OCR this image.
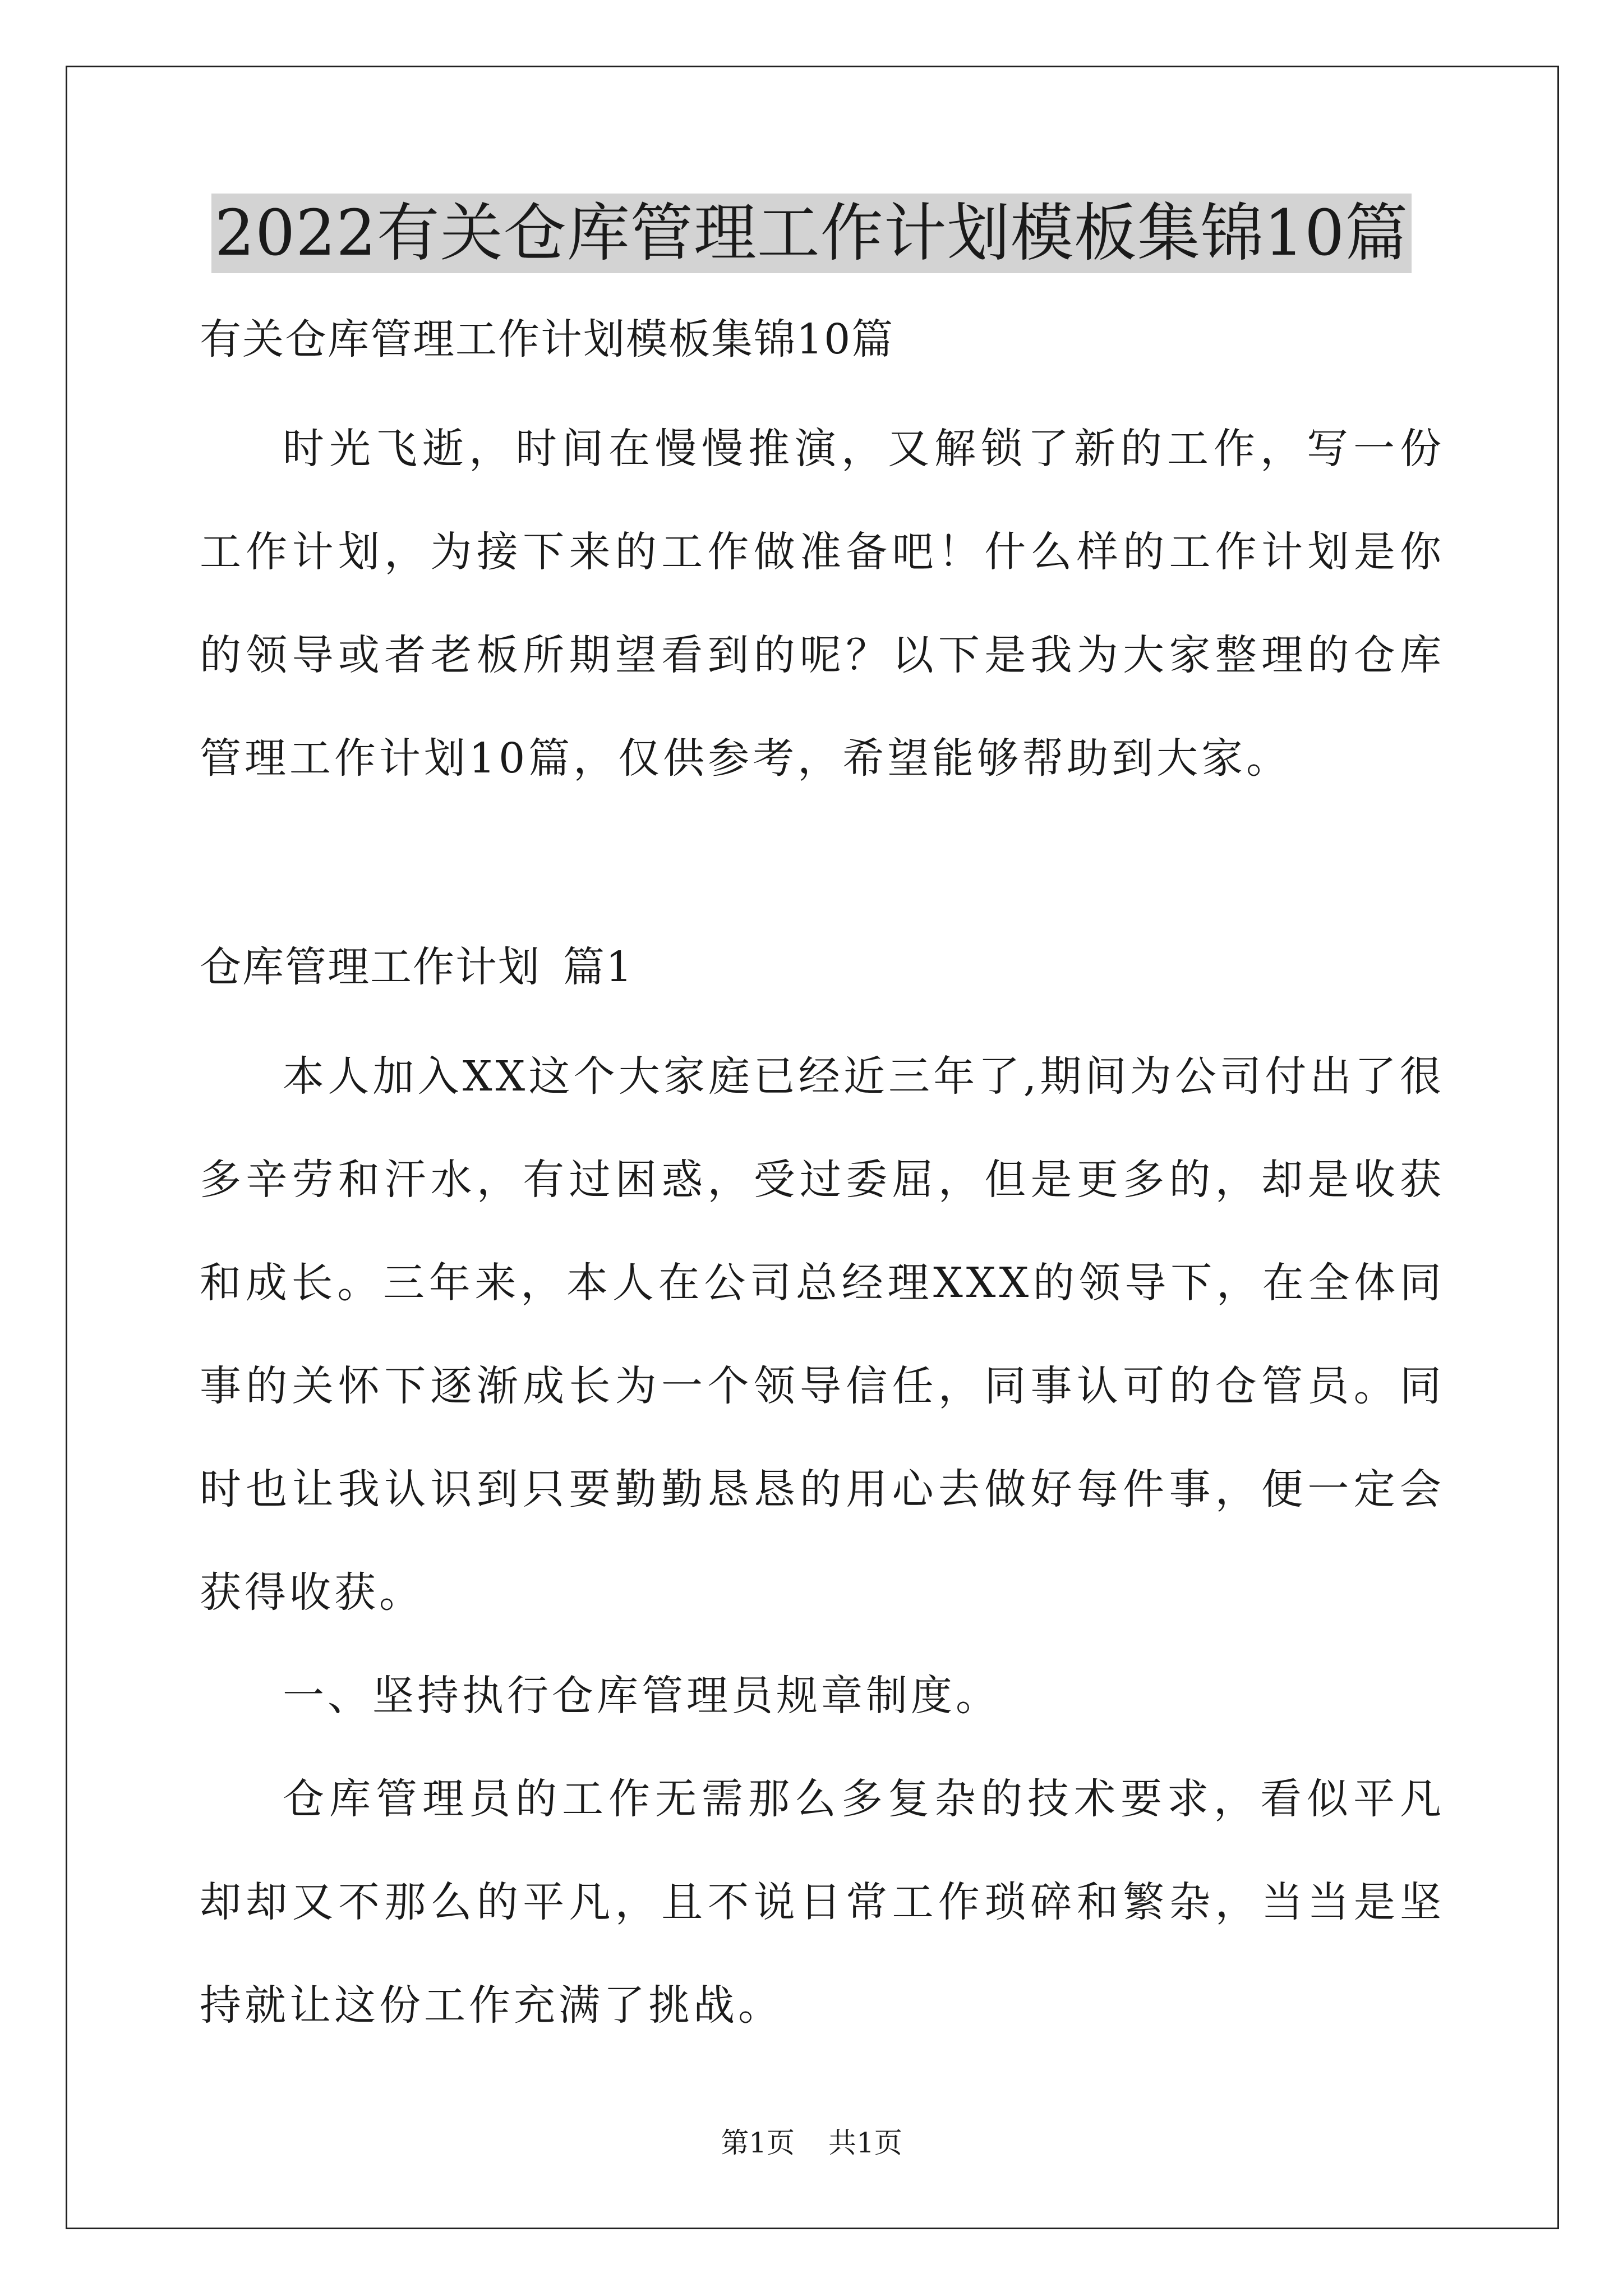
2022有关仓库管理工作计划模板集锦10篇

有关仓库管理工作计划模板集锦10篇

时光飞逝，时间在慢慢推演，又解锁了新的工作，写一份工作计划，为接下来的工作做准备吧！什么样的工作计划是你的领导或者老板所期望看到的呢？以下是我为大家整理的仓库管理工作计划10篇，仅供参考，希望能够帮助到大家。

仓库管理工作计划 篇1

本人加入XX这个大家庭已经近三年了,期间为公司付出了很多辛劳和汗水，有过困惑，受过委屈，但是更多的，却是收获和成长。三年来，本人在公司总经理XXX的领导下，在全体同事的关怀下逐渐成长为一个领导信任，同事认可的仓管员。同时也让我认识到只要勤勤恳恳的用心去做好每件事，便一定会获得收获。

一、坚持执行仓库管理员规章制度。

仓库管理员的工作无需那么多复杂的技术要求，看似平凡却却又不那么的平凡，且不说日常工作琐碎和繁杂，当当是坚持就让这份工作充满了挑战。

第1页 共1页
